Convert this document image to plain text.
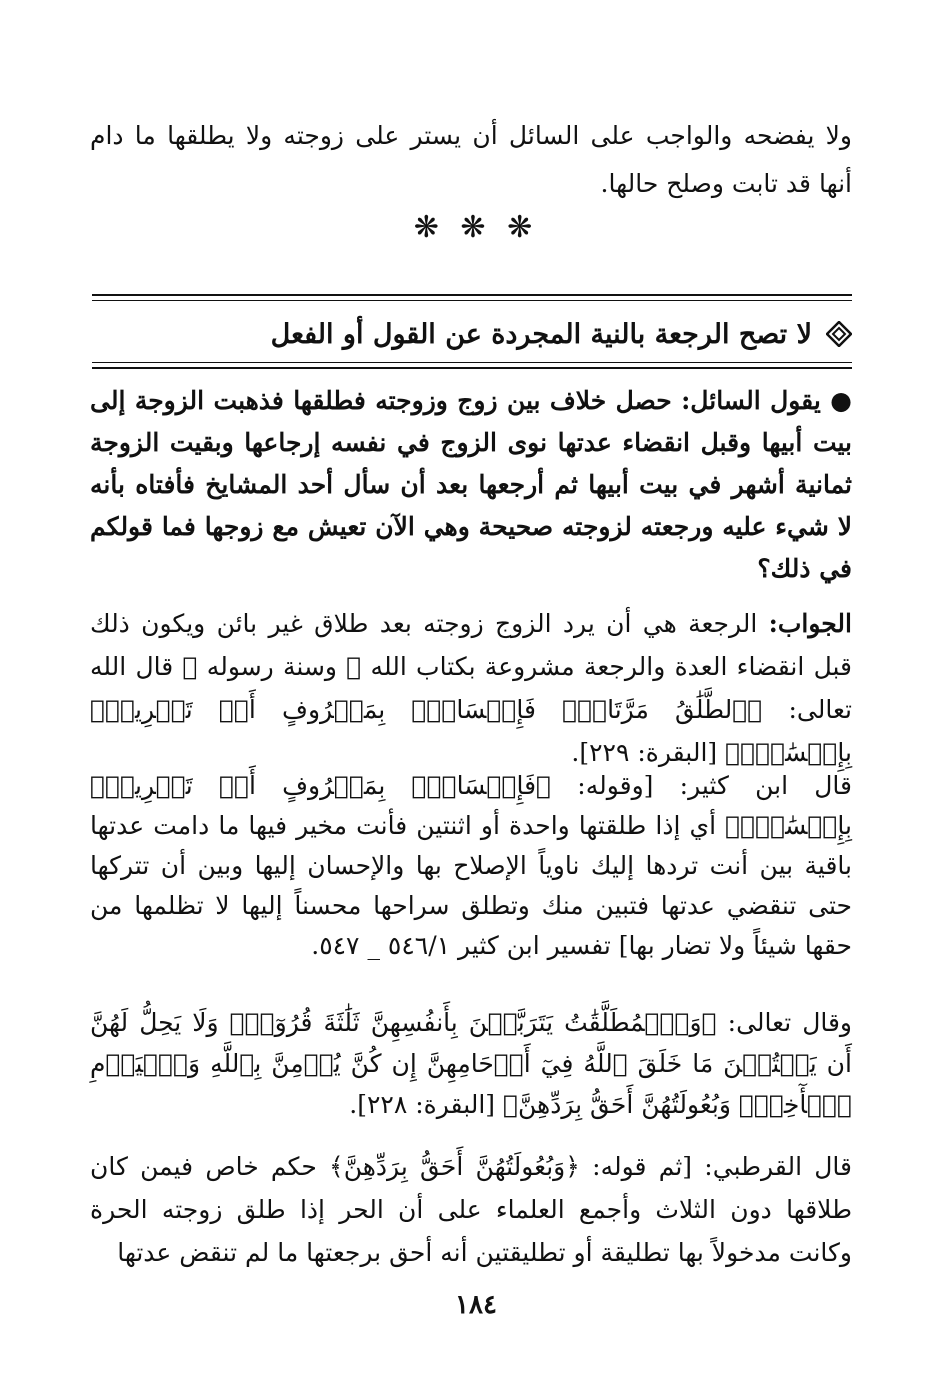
ولا يفضحه والواجب على السائل أن يستر على زوجته ولا يطلقها ما دام أنها قد تابت وصلح حالها.

❋ ❋ ❋
لا تصح الرجعة بالنية المجردة عن القول أو الفعل

● يقول السائل: حصل خلاف بين زوج وزوجته فطلقها فذهبت الزوجة إلى بيت أبيها وقبل انقضاء عدتها نوى الزوج في نفسه إرجاعها وبقيت الزوجة ثمانية أشهر في بيت أبيها ثم أرجعها بعد أن سأل أحد المشايخ فأفتاه بأنه لا شيء عليه ورجعته لزوجته صحيحة وهي الآن تعيش مع زوجها فما قولكم في ذلك؟

الجواب: الرجعة هي أن يرد الزوج زوجته بعد طلاق غير بائن ويكون ذلك قبل انقضاء العدة والرجعة مشروعة بكتاب الله ﷻ وسنة رسوله ﷺ قال الله تعالى: ﴿ٱلطَّلَٰقُ مَرَّتَانِۖ فَإِمۡسَاكُۢ بِمَعۡرُوفٍ أَوۡ تَسۡرِيحُۢ بِإِحۡسَٰنٖۗ﴾ [البقرة: ٢٢٩].

قال ابن كثير: [وقوله: ﴿فَإِمۡسَاكُۢ بِمَعۡرُوفٍ أَوۡ تَسۡرِيحُۢ بِإِحۡسَٰنٖۗ﴾ أي إذا طلقتها واحدة أو اثنتين فأنت مخير فيها ما دامت عدتها باقية بين أنت تردها إليك ناوياً الإصلاح بها والإحسان إليها وبين أن تتركها حتى تنقضي عدتها فتبين منك وتطلق سراحها محسناً إليها لا تظلمها من حقها شيئاً ولا تضار بها] تفسير ابن كثير ٥٤٦/١ _ ٥٤٧.

وقال تعالى: ﴿وَٱلۡمُطَلَّقَٰتُ يَتَرَبَّصۡنَ بِأَنفُسِهِنَّ ثَلَٰثَةَ قُرُوٓءٖۚ وَلَا يَحِلُّ لَهُنَّ أَن يَكۡتُمۡنَ مَا خَلَقَ ٱللَّهُ فِيٓ أَرۡحَامِهِنَّ إِن كُنَّ يُؤۡمِنَّ بِٱللَّهِ وَٱلۡيَوۡمِ ٱلۡأٓخِرِۚ وَبُعُولَتُهُنَّ أَحَقُّ بِرَدِّهِنَّ﴾ [البقرة: ٢٢٨].

قال القرطبي: [ثم قوله: ﴿وَبُعُولَتُهُنَّ أَحَقُّ بِرَدِّهِنَّ﴾ حكم خاص فيمن كان طلاقها دون الثلاث وأجمع العلماء على أن الحر إذا طلق زوجته الحرة وكانت مدخولاً بها تطليقة أو تطليقتين أنه أحق برجعتها ما لم تنقض عدتها

١٨٤
